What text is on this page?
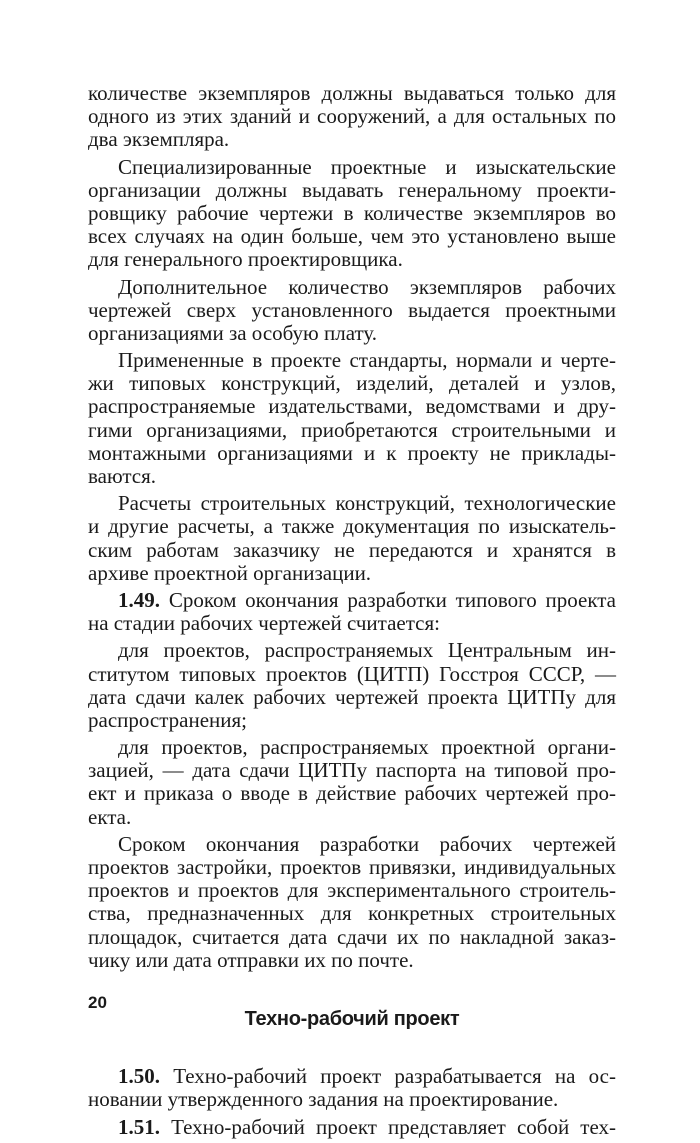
количестве экземпляров должны выдаваться только для
одного из этих зданий и сооружений, а для остальных по
два экземпляра.
Специализированные проектные и изыскательские
организации должны выдавать генеральному проекти-
ровщику рабочие чертежи в количестве экземпляров во
всех случаях на один больше, чем это установлено выше
для генерального проектировщика.
Дополнительное количество экземпляров рабочих
чертежей сверх установленного выдается проектными
организациями за особую плату.
Примененные в проекте стандарты, нормали и черте-
жи типовых конструкций, изделий, деталей и узлов,
распространяемые издательствами, ведомствами и дру-
гими организациями, приобретаются строительными и
монтажными организациями и к проекту не приклады-
ваются.
Расчеты строительных конструкций, технологические
и другие расчеты, а также документация по изыскатель-
ским работам заказчику не передаются и хранятся в
архиве проектной организации.
1.49. Сроком окончания разработки типового проекта
на стадии рабочих чертежей считается:
для проектов, распространяемых Центральным ин-
ститутом типовых проектов (ЦИТП) Госстроя СССР, —
дата сдачи калек рабочих чертежей проекта ЦИТПу для
распространения;
для проектов, распространяемых проектной органи-
зацией, — дата сдачи ЦИТПу паспорта на типовой про-
ект и приказа о вводе в действие рабочих чертежей про-
екта.
Сроком окончания разработки рабочих чертежей
проектов застройки, проектов привязки, индивидуальных
проектов и проектов для экспериментального строитель-
ства, предназначенных для конкретных строительных
площадок, считается дата сдачи их по накладной заказ-
чику или дата отправки их по почте.
Техно-рабочий проект
1.50. Техно-рабочий проект разрабатывается на ос-
новании утвержденного задания на проектирование.
1.51. Техно-рабочий проект представляет собой тех-
20
